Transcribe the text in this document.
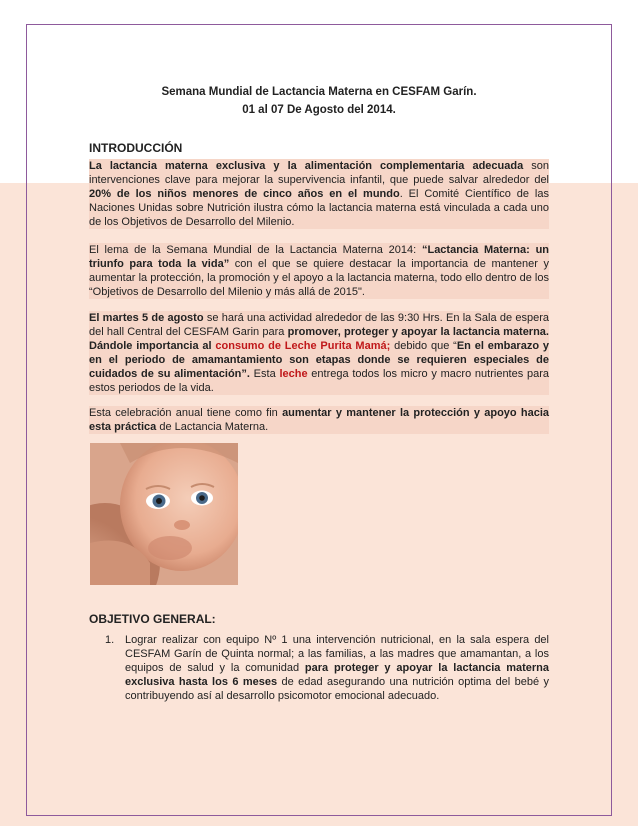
Semana Mundial de Lactancia Materna en CESFAM Garín.
01 al 07 De Agosto del 2014.
INTRODUCCIÓN
La lactancia materna exclusiva y la alimentación complementaria adecuada son intervenciones clave para mejorar la supervivencia infantil, que puede salvar alrededor del 20% de los niños menores de cinco años en el mundo. El Comité Científico de las Naciones Unidas sobre Nutrición ilustra cómo la lactancia materna está vinculada a cada uno de los Objetivos de Desarrollo del Milenio.
El lema de la Semana Mundial de la Lactancia Materna 2014: “Lactancia Materna: un triunfo para toda la vida” con el que se quiere destacar la importancia de mantener y aumentar la protección, la promoción y el apoyo a la lactancia materna, todo ello dentro de los “Objetivos de Desarrollo del Milenio y más allá de 2015".
El martes 5 de agosto se hará una actividad alrededor de las 9:30 Hrs. En la Sala de espera del hall Central del CESFAM Garin para promover, proteger y apoyar la lactancia materna. Dándole importancia al consumo de Leche Purita Mamá; debido que “En el embarazo y en el periodo de amamantamiento son etapas donde se requieren especiales de cuidados de su alimentación”. Esta leche entrega todos los micro y macro nutrientes para estos periodos de la vida.
Esta celebración anual tiene como fin aumentar y mantener la protección y apoyo hacia esta práctica de Lactancia Materna.
OBJETIVO GENERAL:
1. Lograr realizar con equipo Nº 1 una intervención nutricional, en la sala espera del CESFAM Garín de Quinta normal; a las familias, a las madres que amamantan, a los equipos de salud y la comunidad para proteger y apoyar la lactancia materna exclusiva hasta los 6 meses de edad asegurando una nutrición optima del bebé y contribuyendo así al desarrollo psicomotor emocional adecuado.
